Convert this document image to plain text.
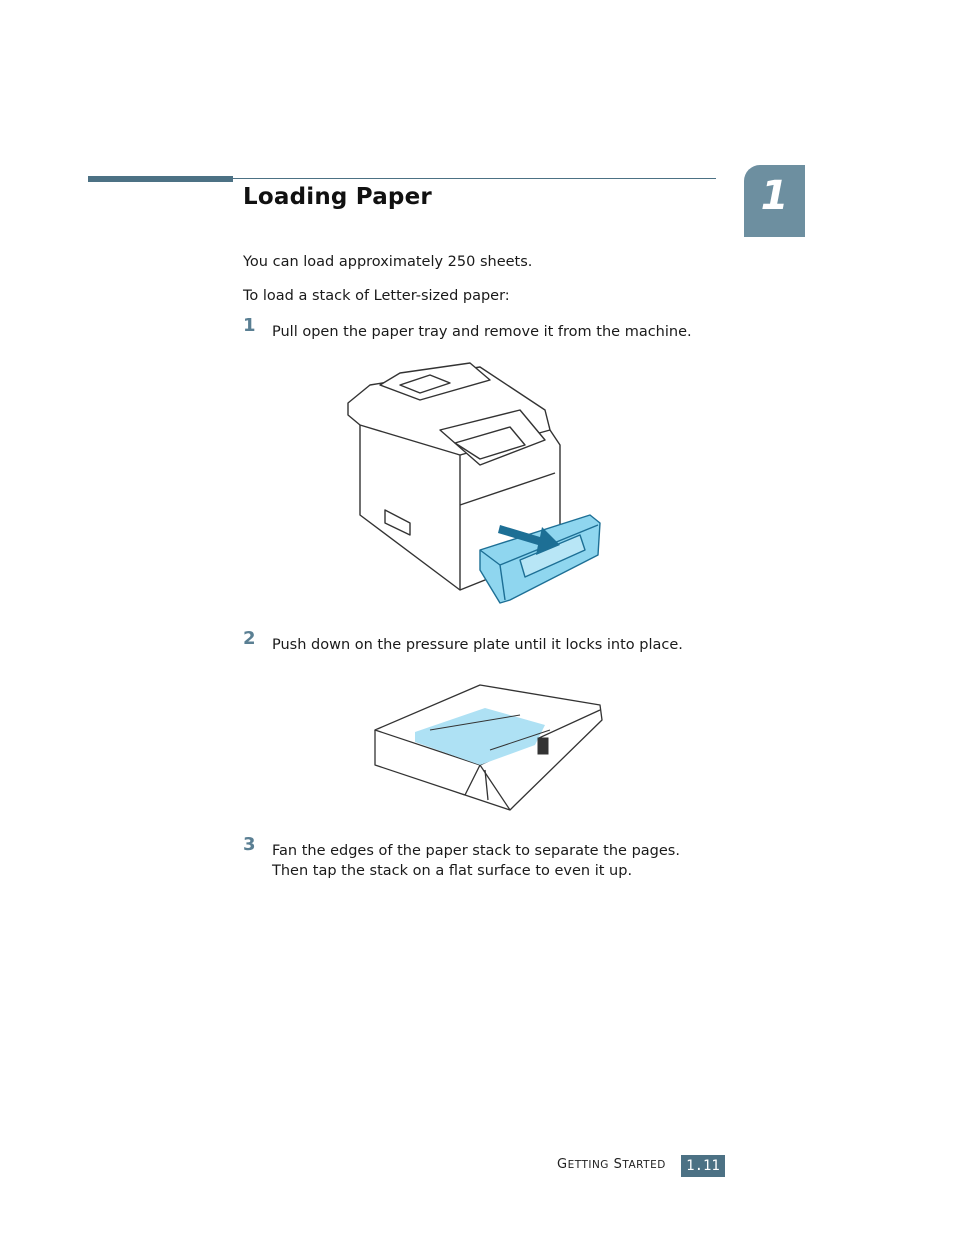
1
Loading Paper

You can load approximately 250 sheets.

To load a stack of Letter-sized paper:

1 Pull open the paper tray and remove it from the machine.
2 Push down on the pressure plate until it locks into place.
3 Fan the edges of the paper stack to separate the pages.
Then tap the stack on a flat surface to even it up.
GETTING STARTED	1.11
